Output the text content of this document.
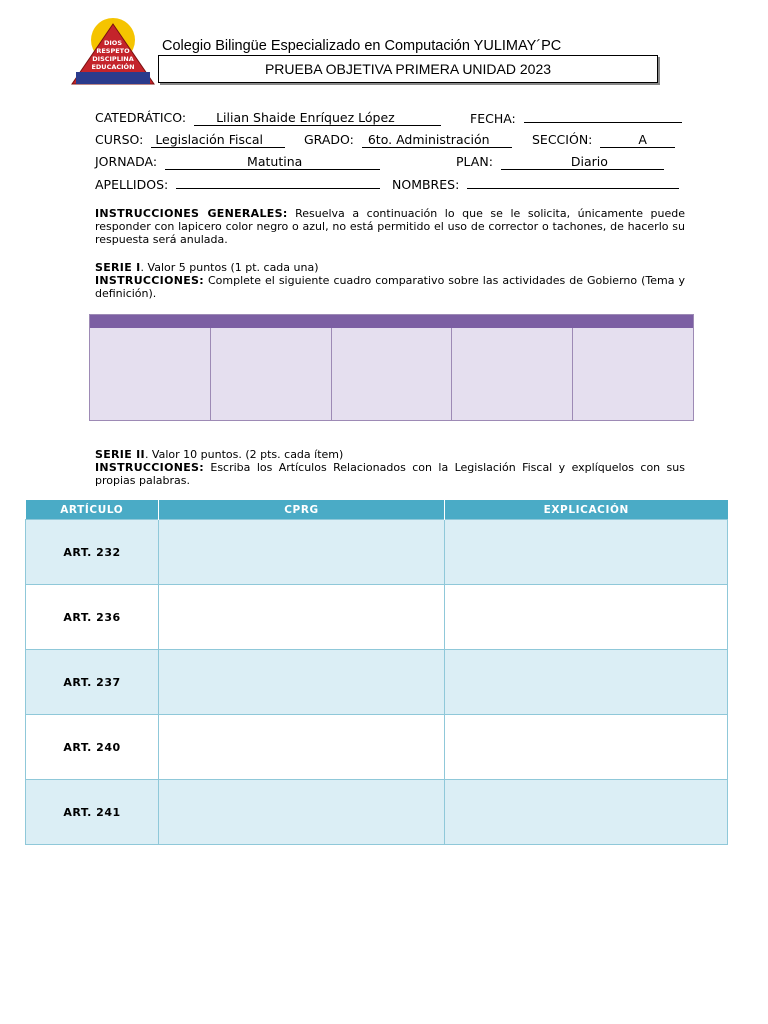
DIOS
RESPETO
DISCIPLINA
EDUCACIÓN
Colegio Bilingüe Especializado en Computación YULIMAY´PC
PRUEBA OBJETIVA PRIMERA UNIDAD 2023
CATEDRÁTICO: Lilian Shaide Enríquez López	FECHA:
CURSO: Legislación Fiscal	GRADO: 6to. Administración	SECCIÓN:	A
JORNADA:	Matutina	PLAN:	Diario
APELLIDOS:	NOMBRES:
INSTRUCCIONES GENERALES: Resuelva a continuación lo que se le solicita, únicamente puede responder con lapicero color negro o azul, no está permitido el uso de corrector o tachones, de hacerlo su respuesta será anulada.
SERIE I. Valor 5 puntos (1 pt. cada una)
INSTRUCCIONES: Complete el siguiente cuadro comparativo sobre las actividades de Gobierno (Tema y definición).
SERIE II. Valor 10 puntos. (2 pts. cada ítem)
INSTRUCCIONES: Escriba los Artículos Relacionados con la Legislación Fiscal y explíquelos con sus propias palabras.
ARTÍCULO	CPRG	EXPLICACIÓN
ART. 232		
ART. 236		
ART. 237		
ART. 240		
ART. 241		
